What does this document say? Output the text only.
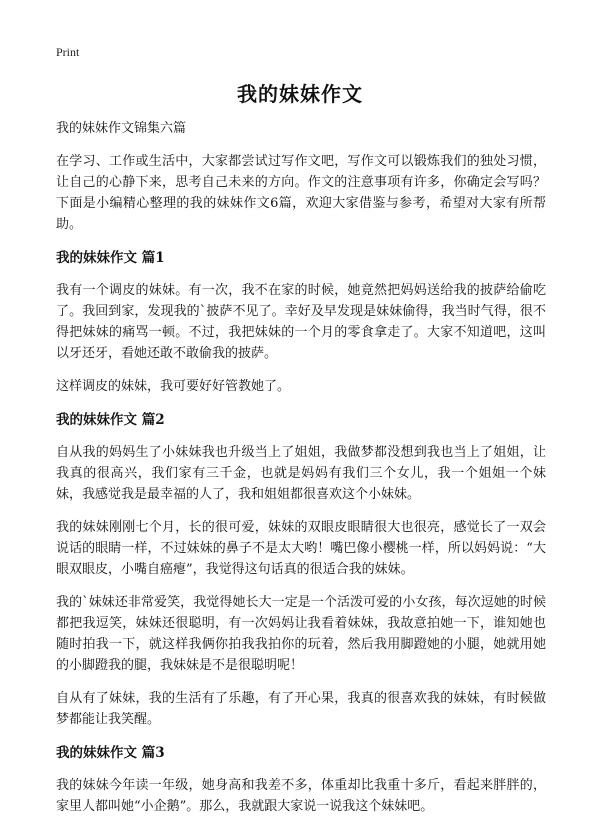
Print
我的妹妹作文

我的妹妹作文锦集六篇

在学习、工作或生活中，大家都尝试过写作文吧，写作文可以锻炼我们的独处习惯，让自己的心静下来，思考自己未来的方向。作文的注意事项有许多，你确定会写吗？下面是小编精心整理的我的妹妹作文6篇，欢迎大家借鉴与参考，希望对大家有所帮助。

我的妹妹作文 篇1

我有一个调皮的妹妹。有一次，我不在家的时候，她竟然把妈妈送给我的披萨给偷吃了。我回到家，发现我的`披萨不见了。幸好及早发现是妹妹偷得，我当时气得，很不得把妹妹的痛骂一顿。不过，我把妹妹的一个月的零食拿走了。大家不知道吧，这叫以牙还牙，看她还敢不敢偷我的披萨。

这样调皮的妹妹，我可要好好管教她了。

我的妹妹作文 篇2

自从我的妈妈生了小妹妹我也升级当上了姐姐，我做梦都没想到我也当上了姐姐，让我真的很高兴，我们家有三千金，也就是妈妈有我们三个女儿，我一个姐姐一个妹妹，我感觉我是最幸福的人了，我和姐姐都很喜欢这个小妹妹。

我的妹妹刚刚七个月，长的很可爱，妹妹的双眼皮眼睛很大也很亮，感觉长了一双会说话的眼睛一样，不过妹妹的鼻子不是太大哟！嘴巴像小樱桃一样，所以妈妈说：“大眼双眼皮，小嘴自癌瘪”，我觉得这句话真的很适合我的妹妹。

我的`妹妹还非常爱笑，我觉得她长大一定是一个活泼可爱的小女孩，每次逗她的时候都把我逗笑，妹妹还很聪明，有一次妈妈让我看着妹妹，我故意拍她一下，谁知她也随时拍我一下，就这样我俩你拍我我拍你的玩着，然后我用脚蹬她的小腿，她就用她的小脚蹬我的腿，我妹妹是不是很聪明呢！

自从有了妹妹，我的生活有了乐趣，有了开心果，我真的很喜欢我的妹妹，有时候做梦都能让我笑醒。

我的妹妹作文 篇3

我的妹妹今年读一年级，她身高和我差不多，体重却比我重十多斤，看起来胖胖的，家里人都叫她“小企鹅”。那么，我就跟大家说一说我这个妹妹吧。
